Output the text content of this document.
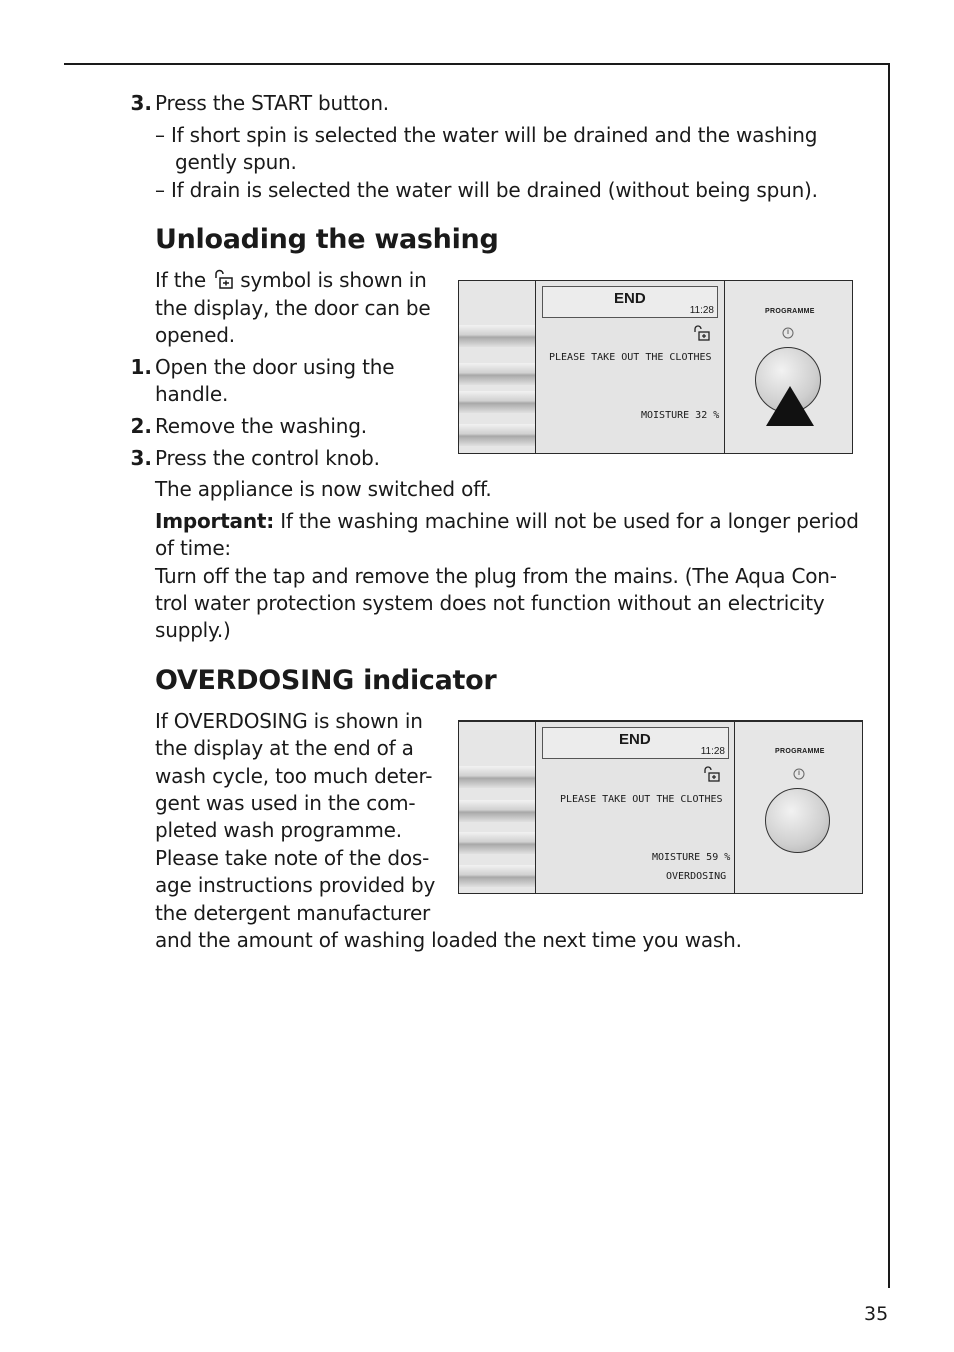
3. Press the START button.
– If short spin is selected the water will be drained and the washing
gently spun.
– If drain is selected the water will be drained (without being spun).
Unloading the washing
If the symbol is shown in
the display, the door can be
opened.
1. Open the door using the
handle.
2. Remove the washing.
3. Press the control knob.
The appliance is now switched off.
Important: If the washing machine will not be used for a longer period
of time:
Turn off the tap and remove the plug from the mains. (The Aqua Con-
trol water protection system does not function without an electricity
supply.)
END
11:28
PLEASE TAKE OUT THE CLOTHES
MOISTURE 32 %
PROGRAMME
OVERDOSING indicator
If OVERDOSING is shown in
the display at the end of a
wash cycle, too much deter-
gent was used in the com-
pleted wash programme.
Please take note of the dos-
age instructions provided by
the detergent manufacturer
and the amount of washing loaded the next time you wash.
END
11:28
PLEASE TAKE OUT THE CLOTHES
MOISTURE 59 %
OVERDOSING
PROGRAMME
35
